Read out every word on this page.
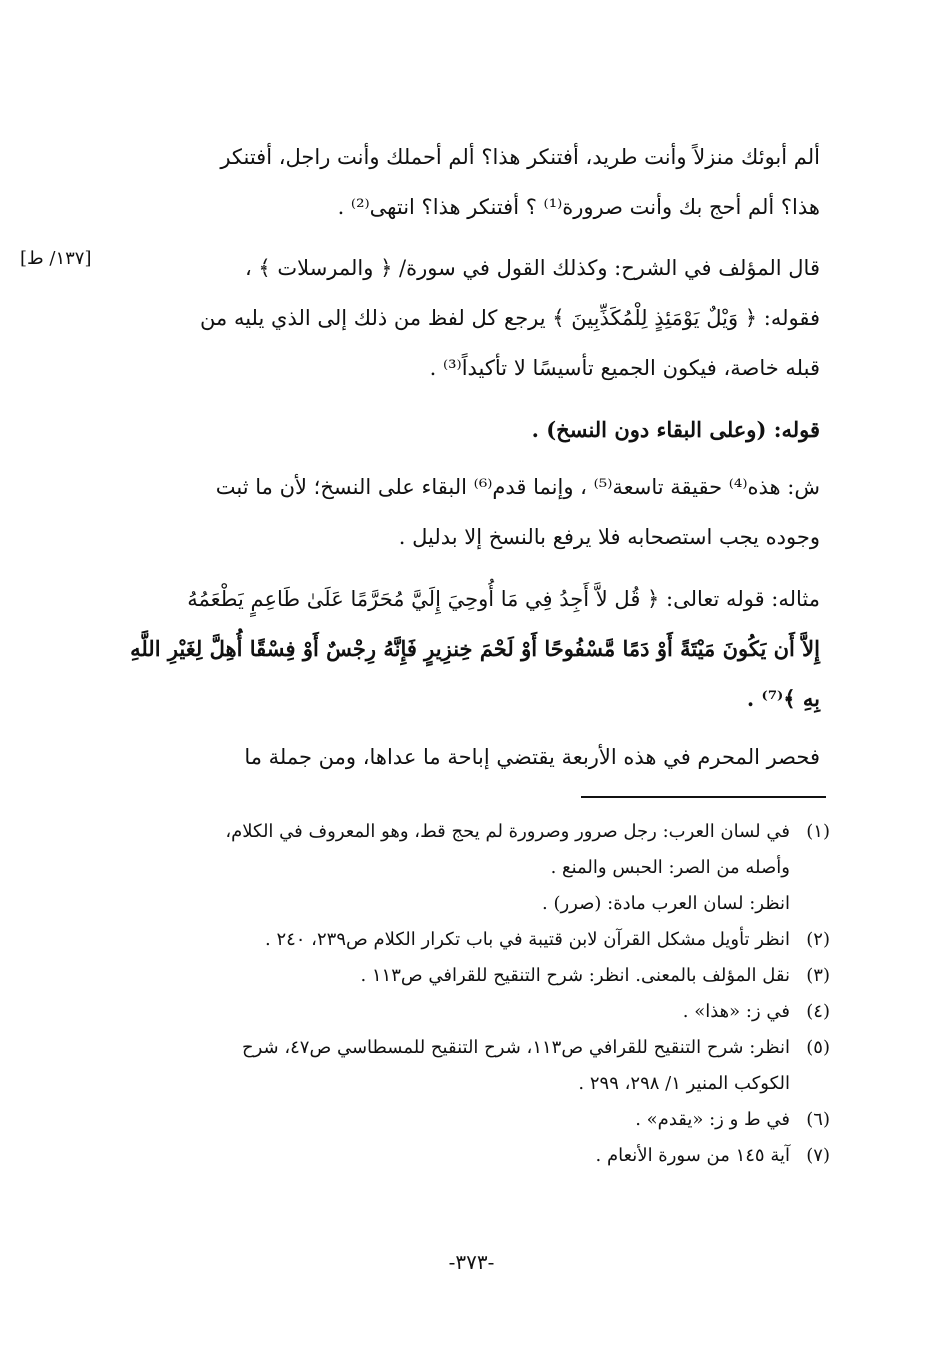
[١٣٧/ ط]
ألم أبوئك منزلاً وأنت طريد، أفتنكر هذا؟ ألم أحملك وأنت راجل، أفتنكر
هذا؟ ألم أحج بك وأنت صرورة⁽¹⁾ ؟ أفتنكر هذا؟ انتهى⁽²⁾ .
قال المؤلف في الشرح: وكذلك القول في سورة/ ﴿ والمرسلات ﴾ ،
فقوله: ﴿ وَيْلٌ يَوْمَئِذٍ لِلْمُكَذِّبِينَ ﴾ يرجع كل لفظ من ذلك إلى الذي يليه من
قبله خاصة، فيكون الجميع تأسيسًا لا تأكيداً⁽³⁾ .
قوله: (وعلى البقاء دون النسخ) .
ش: هذه⁽⁴⁾ حقيقة تاسعة⁽⁵⁾ ، وإنما قدم⁽⁶⁾ البقاء على النسخ؛ لأن ما ثبت
وجوده يجب استصحابه فلا يرفع بالنسخ إلا بدليل .
مثاله: قوله تعالى: ﴿ قُل لاَّ أَجِدُ فِي مَا أُوحِيَ إِلَيَّ مُحَرَّمًا عَلَىٰ طَاعِمٍ يَطْعَمُهُ
إِلاَّ أَن يَكُونَ مَيْتَةً أَوْ دَمًا مَّسْفُوحًا أَوْ لَحْمَ خِنزِيرٍ فَإِنَّهُ رِجْسٌ أَوْ فِسْقًا أُهِلَّ لِغَيْرِ اللَّهِ
بِهِ ﴾⁽⁷⁾ .
فحصر المحرم في هذه الأربعة يقتضي إباحة ما عداها، ومن جملة ما
(١)في لسان العرب: رجل صرور وصرورة لم يحج قط، وهو المعروف في الكلام،
وأصله من الصر: الحبس والمنع .
انظر: لسان العرب مادة: (صرر) .
(٢)انظر تأويل مشكل القرآن لابن قتيبة في باب تكرار الكلام ص٢٣٩، ٢٤٠ .
(٣)نقل المؤلف بالمعنى. انظر: شرح التنقيح للقرافي ص١١٣ .
(٤)في ز: «هذا» .
(٥)انظر: شرح التنقيح للقرافي ص١١٣، شرح التنقيح للمسطاسي ص٤٧، شرح
الكوكب المنير ١/ ٢٩٨، ٢٩٩ .
(٦)في ط و ز: «يقدم» .
(٧)آية ١٤٥ من سورة الأنعام .
-٣٧٣-
